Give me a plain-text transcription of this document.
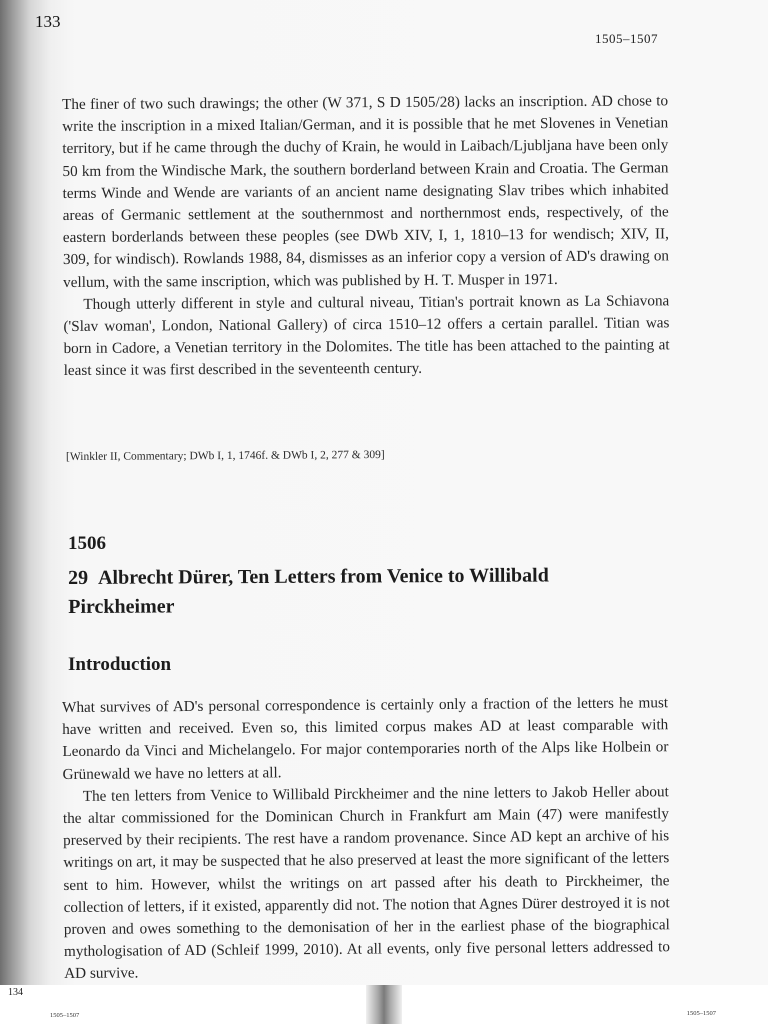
133
1505–1507

The finer of two such drawings; the other (W 371, S D 1505/28) lacks an inscription. AD chose to write the inscription in a mixed Italian/German, and it is possible that he met Slovenes in Venetian territory, but if he came through the duchy of Krain, he would in Laibach/Ljubljana have been only 50 km from the Windische Mark, the southern borderland between Krain and Croatia. The German terms Winde and Wende are variants of an ancient name designating Slav tribes which inhabited areas of Germanic settlement at the southernmost and northernmost ends, respectively, of the eastern borderlands between these peoples (see DWb XIV, I, 1, 1810–13 for wendisch; XIV, II, 309, for windisch). Rowlands 1988, 84, dismisses as an inferior copy a version of AD's drawing on vellum, with the same inscription, which was published by H. T. Musper in 1971.

Though utterly different in style and cultural niveau, Titian's portrait known as La Schiavona ('Slav woman', London, National Gallery) of circa 1510–12 offers a certain parallel. Titian was born in Cadore, a Venetian territory in the Dolomites. The title has been attached to the painting at least since it was first described in the seventeenth century.

[Winkler II, Commentary; DWb I, 1, 1746f. & DWb I, 2, 277 & 309]
1506
29 Albrecht Dürer, Ten Letters from Venice to Willibald Pirckheimer
Introduction

What survives of AD's personal correspondence is certainly only a fraction of the letters he must have written and received. Even so, this limited corpus makes AD at least comparable with Leonardo da Vinci and Michelangelo. For major contemporaries north of the Alps like Holbein or Grünewald we have no letters at all.

The ten letters from Venice to Willibald Pirckheimer and the nine letters to Jakob Heller about the altar commissioned for the Dominican Church in Frankfurt am Main (47) were manifestly preserved by their recipients. The rest have a random provenance. Since AD kept an archive of his writings on art, it may be suspected that he also preserved at least the more significant of the letters sent to him. However, whilst the writings on art passed after his death to Pirckheimer, the collection of letters, if it existed, apparently did not. The notion that Agnes Dürer destroyed it is not proven and owes something to the demonisation of her in the earliest phase of the biographical mythologisation of AD (Schleif 1999, 2010). At all events, only five personal letters addressed to AD survive.

134
1505–1507	1505–1507
